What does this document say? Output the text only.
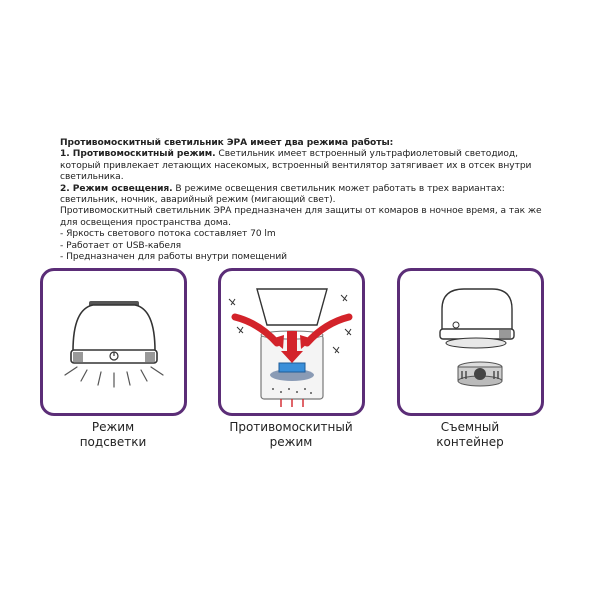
Противомоскитный светильник ЭРА имеет два режима работы:

1. Противомоскитный режим. Светильник имеет встроенный ультрафиолетовый светодиод, который привлекает летающих насекомых, встроенный вентилятор затягивает их в отсек внутри светильника.

2. Режим освещения. В режиме освещения светильник может работать в трех вариантах: светильник, ночник, аварийный режим (мигающий свет).

Противомоскитный светильник ЭРА предназначен для защиты от комаров в ночное время, а так же для освещения пространства дома.

- Яркость светового потока составляет 70 lm

- Работает от USB-кабеля

- Предназначен для работы внутри помещений

Режим
подсветки
Противомоскитный
режим
Съемный
контейнер
